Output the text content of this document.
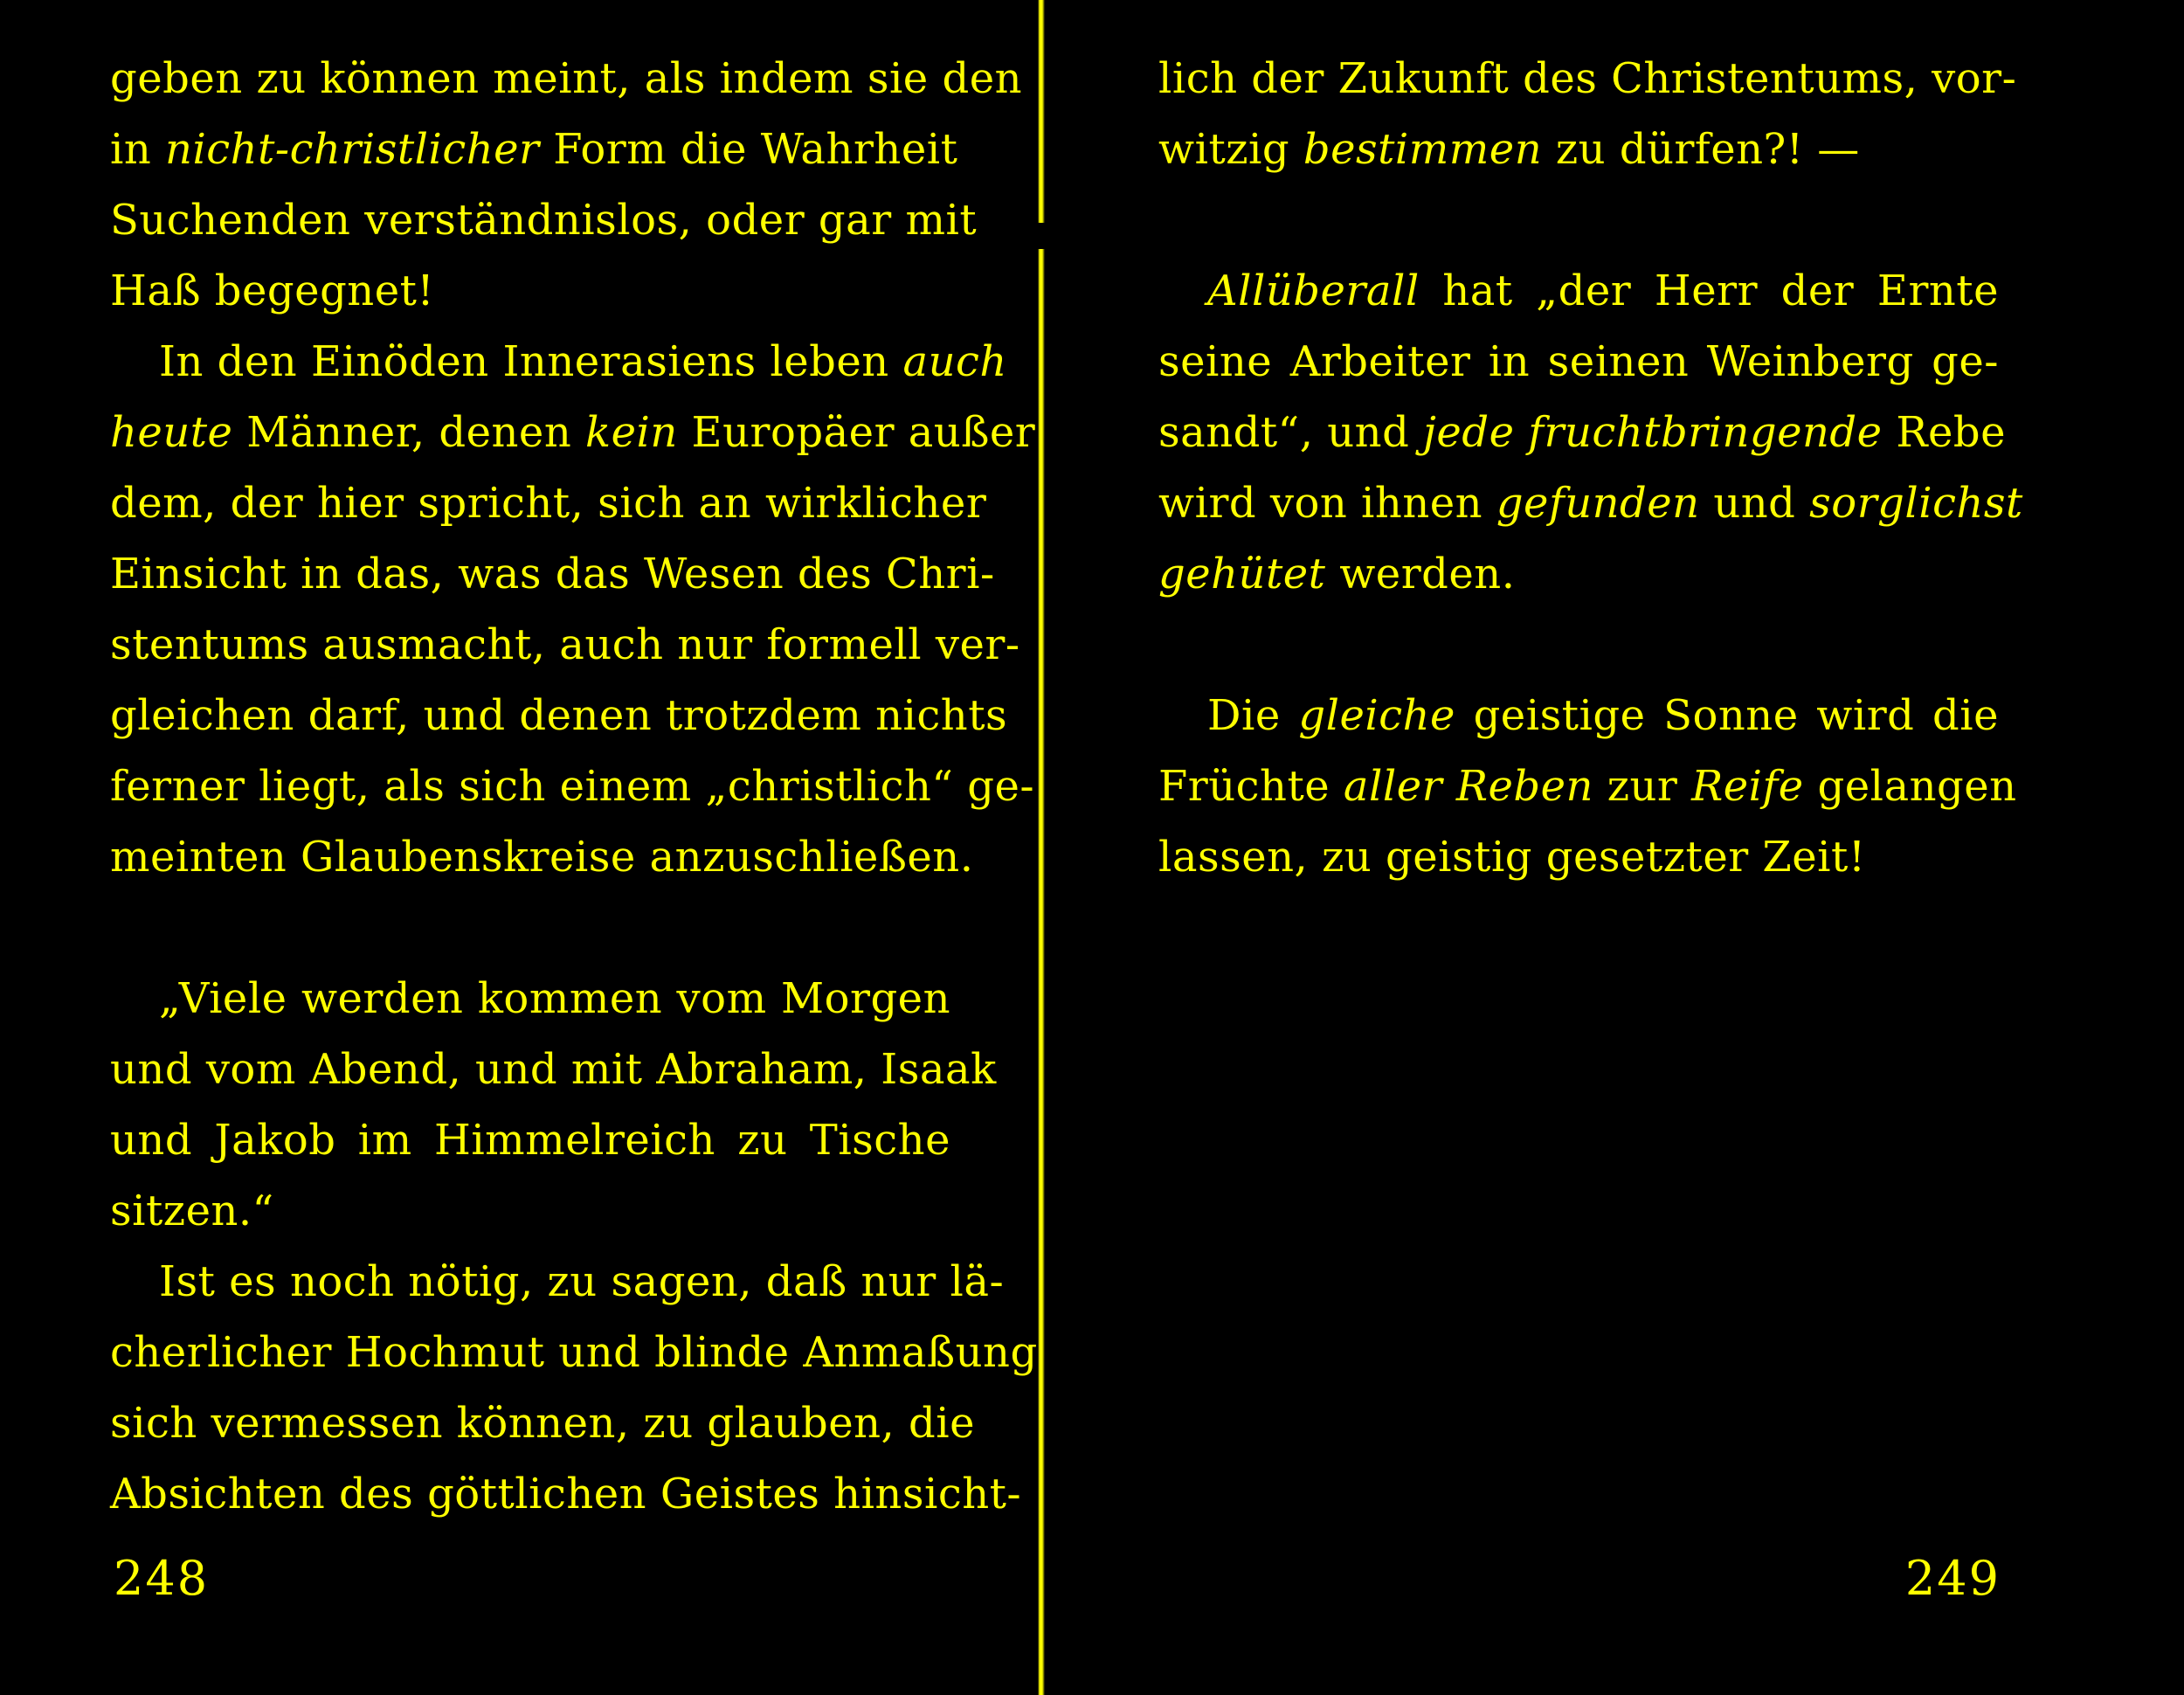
geben zu können meint, als indem sie den
in nicht-christlicher Form die Wahrheit
Suchenden verständnislos, oder gar mit
Haß begegnet!
In den Einöden Innerasiens leben auch
heute Männer, denen kein Europäer außer
dem, der hier spricht, sich an wirklicher
Einsicht in das, was das Wesen des Chri-
stentums ausmacht, auch nur formell ver-
gleichen darf, und denen trotzdem nichts
ferner liegt, als sich einem „christlich“ ge-
meinten Glaubenskreise anzuschließen.
„Viele werden kommen vom Morgen
und vom Abend, und mit Abraham, Isaak
und Jakob im Himmelreich zu Tische
sitzen.“
Ist es noch nötig, zu sagen, daß nur lä-
cherlicher Hochmut und blinde Anmaßung
sich vermessen können, zu glauben, die
Absichten des göttlichen Geistes hinsicht-
248
lich der Zukunft des Christentums, vor-
witzig bestimmen zu dürfen?! —
Allüberall hat „der Herr der Ernte
seine Arbeiter in seinen Weinberg ge-
sandt“, und jede fruchtbringende Rebe
wird von ihnen gefunden und sorglichst
gehütet werden.
Die gleiche geistige Sonne wird die
Früchte aller Reben zur Reife gelangen
lassen, zu geistig gesetzter Zeit!
249
